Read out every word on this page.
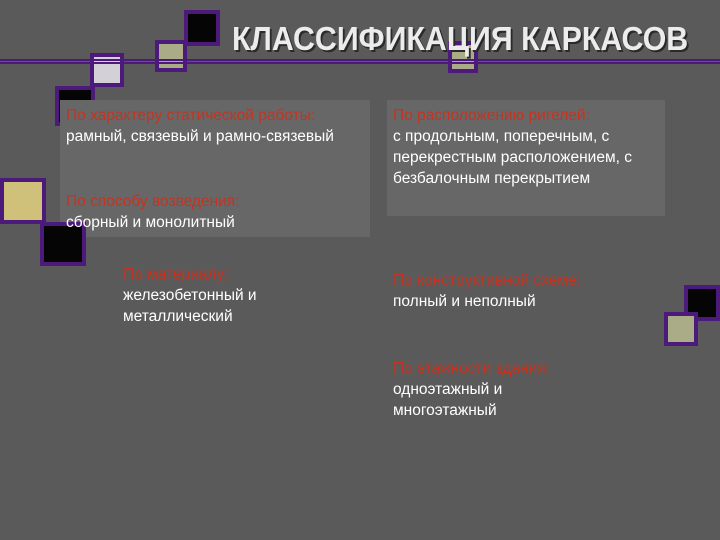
КЛАССИФИКАЦИЯ КАРКАСОВ
По характеру статической работы: рамный, связевый и рамно-связевый
По способу возведения:
сборный и монолитный
По материалу:
железобетонный и металлический
По расположению ригелей:
с продольным, поперечным, с перекрестным расположением, с безбалочным перекрытием
По конструктивной схеме:
полный и неполный
По этажности здания:
одноэтажный и многоэтажный
